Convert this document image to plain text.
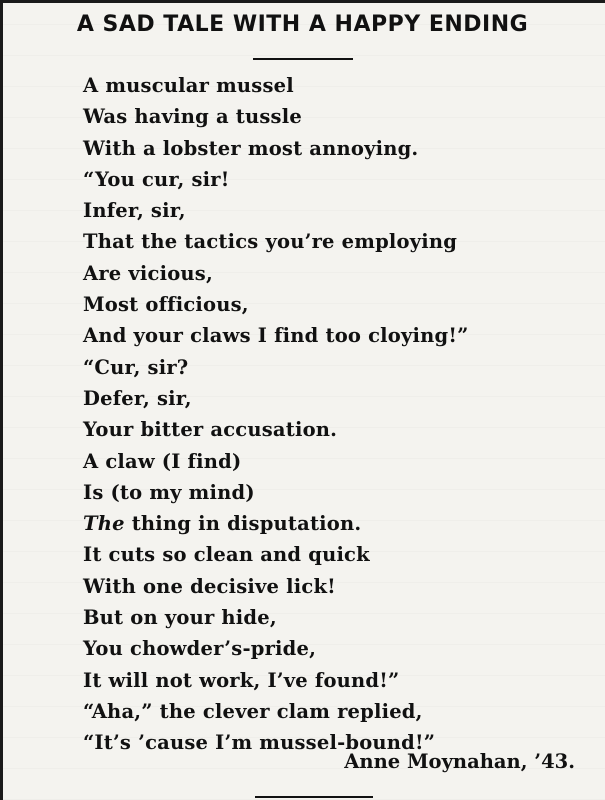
A SAD TALE WITH A HAPPY ENDING
A muscular mussel
Was having a tussle
With a lobster most annoying.
“You cur, sir!
Infer, sir,
That the tactics you’re employing
Are vicious,
Most officious,
And your claws I find too cloying!”
“Cur, sir?
Defer, sir,
Your bitter accusation.
A claw (I find)
Is (to my mind)
The thing in disputation.
It cuts so clean and quick
With one decisive lick!
But on your hide,
You chowder’s-pride,
It will not work, I’ve found!”
“Aha,” the clever clam replied,
“It’s ’cause I’m mussel-bound!”
Anne Moynahan, ’43.
